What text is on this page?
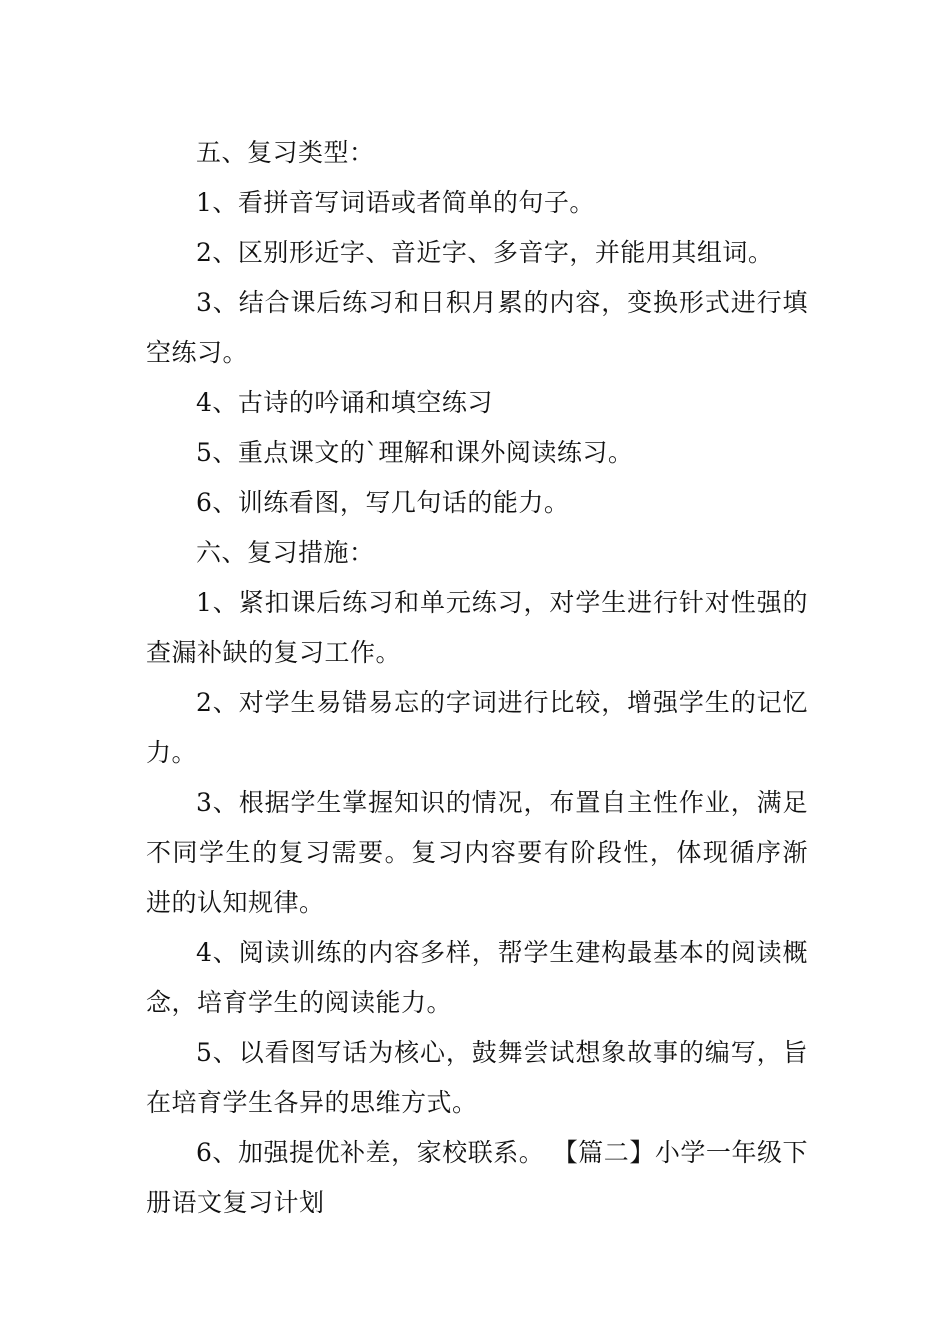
五、复习类型：

1、看拼音写词语或者简单的句子。

2、区别形近字、音近字、多音字，并能用其组词。

3、结合课后练习和日积月累的内容，变换形式进行填空练习。

4、古诗的吟诵和填空练习

5、重点课文的`理解和课外阅读练习。

6、训练看图，写几句话的能力。

六、复习措施：

1、紧扣课后练习和单元练习，对学生进行针对性强的查漏补缺的复习工作。

2、对学生易错易忘的字词进行比较，增强学生的记忆力。

3、根据学生掌握知识的情况，布置自主性作业，满足不同学生的复习需要。复习内容要有阶段性，体现循序渐进的认知规律。

4、阅读训练的内容多样，帮学生建构最基本的阅读概念，培育学生的阅读能力。

5、以看图写话为核心，鼓舞尝试想象故事的编写，旨在培育学生各异的思维方式。

6、加强提优补差，家校联系。 【篇二】小学一年级下册语文复习计划
